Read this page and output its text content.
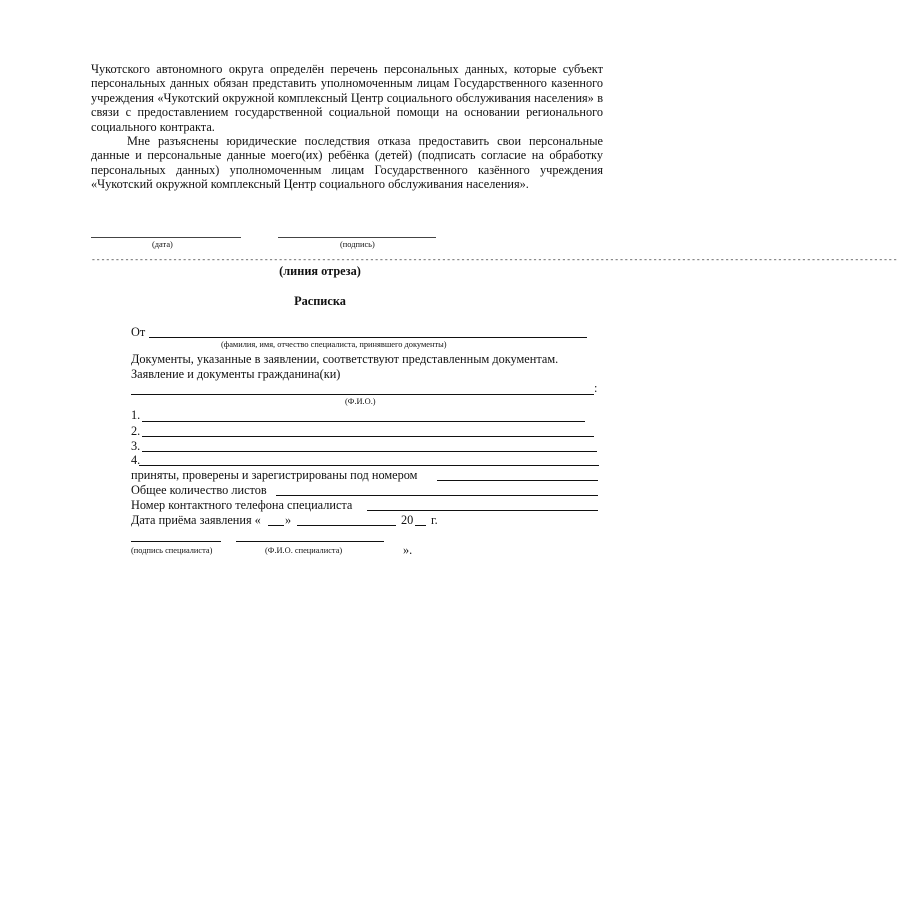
Чукотского автономного округа определён перечень персональных данных, которые субъект персональных данных обязан представить уполномоченным лицам Государственного казенного учреждения «Чукотский окружной комплексный Центр социального обслуживания населения» в связи с предоставлением государственной социальной помощи на основании регионального социального контракта.
Мне разъяснены юридические последствия отказа предоставить свои персональные данные и персональные данные моего(их) ребёнка (детей) (подписать согласие на обработку персональных данных) уполномоченным лицам Государственного казённого учреждения «Чукотский окружной комплексный Центр социального обслуживания населения».
(дата)	(подпись)
------------------------------------------------------------------------------------------------------------------------------------------------------------------------
(линия отреза)
Расписка
От
(фамилия, имя, отчество специалиста, принявшего документы)
Документы, указанные в заявлении, соответствуют представленным документам.
Заявление и документы гражданина(ки)
:
(Ф.И.О.)
1.
2.
3.
4.
приняты, проверены и зарегистрированы под номером
Общее количество листов
Номер контактного телефона специалиста
Дата приёма заявления « »	20 г.
(подпись специалиста)	(Ф.И.О. специалиста)	».
